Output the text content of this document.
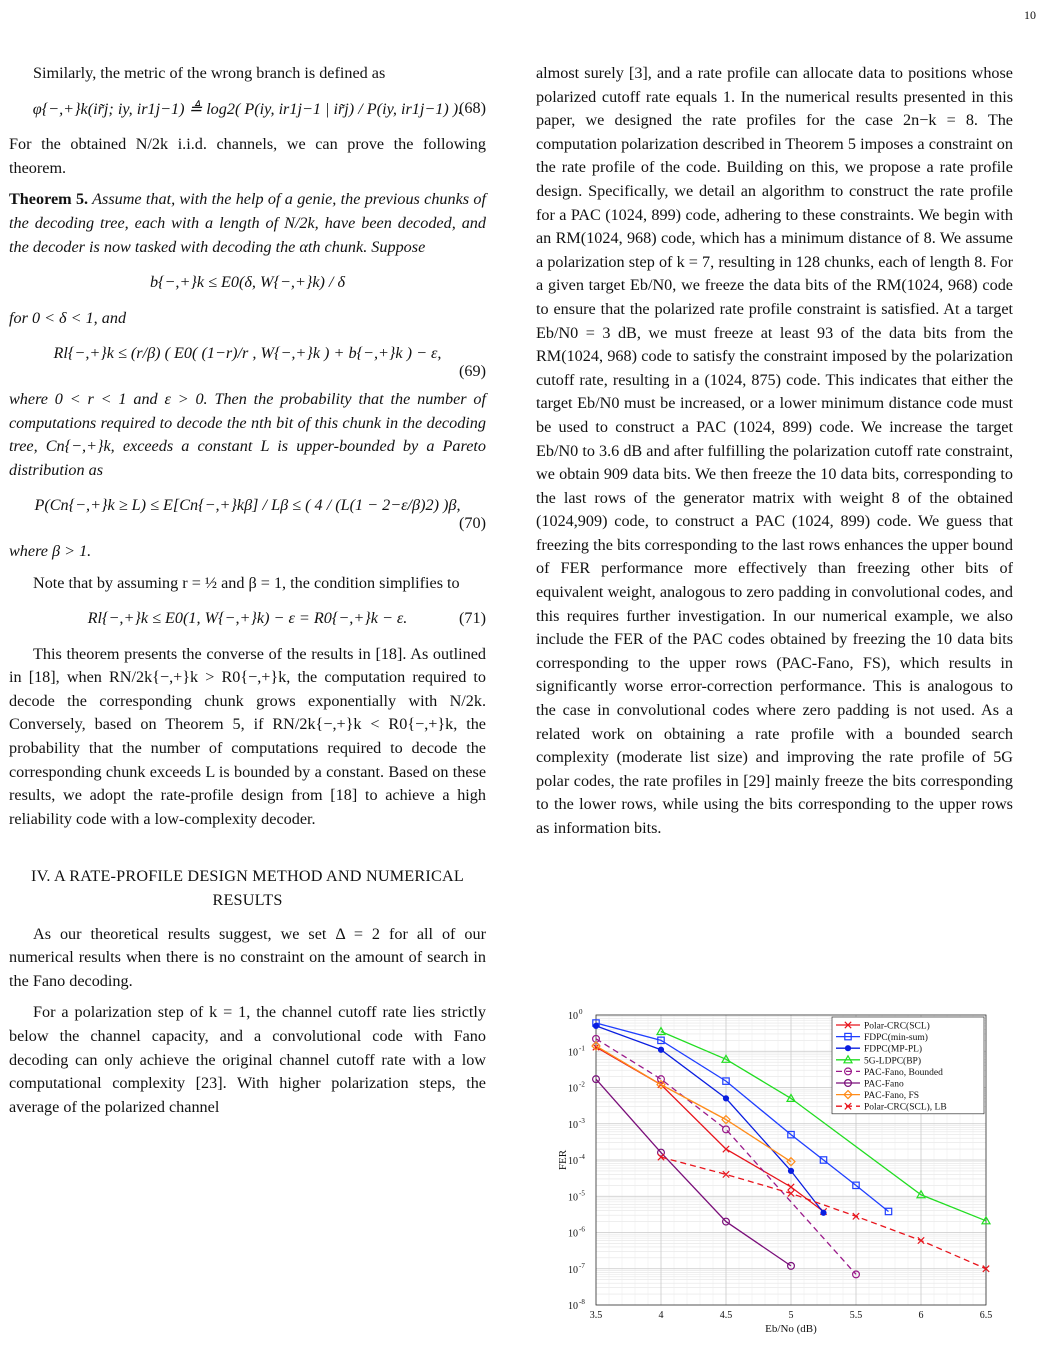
10

Similarly, the metric of the wrong branch is defined as

φ{−,+}k(ir̃j; iy, ir1j−1) ≜ log2( P(iy, ir1j−1 | ir̃j) / P(iy, ir1j−1) ).
(68)

For the obtained N/2k i.i.d. channels, we can prove the following theorem.

Theorem 5. Assume that, with the help of a genie, the previous chunks of the decoding tree, each with a length of N/2k, have been decoded, and the decoder is now tasked with decoding the αth chunk. Suppose

b{−,+}k ≤ E0(δ, W{−,+}k) / δ

for 0 < δ < 1, and

Rl{−,+}k ≤ (r/β) ( E0( (1−r)/r , W{−,+}k ) + b{−,+}k ) − ε,
(69)

where 0 < r < 1 and ε > 0. Then the probability that the number of computations required to decode the nth bit of this chunk in the decoding tree, Cn{−,+}k, exceeds a constant L is upper-bounded by a Pareto distribution as

P(Cn{−,+}k ≥ L) ≤ E[Cn{−,+}kβ] / Lβ ≤ ( 4 / (L(1 − 2−ε/β)2) )β,
(70)

where β > 1.

Note that by assuming r = ½ and β = 1, the condition simplifies to

Rl{−,+}k ≤ E0(1, W{−,+}k) − ε = R0{−,+}k − ε.	(71)

This theorem presents the converse of the results in [18]. As outlined in [18], when RN/2k{−,+}k > R0{−,+}k, the computation required to decode the corresponding chunk grows exponentially with N/2k. Conversely, based on Theorem 5, if RN/2k{−,+}k < R0{−,+}k, the probability that the number of computations required to decode the corresponding chunk exceeds L is bounded by a constant. Based on these results, we adopt the rate-profile design from [18] to achieve a high reliability code with a low-complexity decoder.

IV. A RATE-PROFILE DESIGN METHOD AND NUMERICAL RESULTS

As our theoretical results suggest, we set Δ = 2 for all of our numerical results when there is no constraint on the amount of search in the Fano decoding.

For a polarization step of k = 1, the channel cutoff rate lies strictly below the channel capacity, and a convolutional code with Fano decoding can only achieve the original channel cutoff rate with a low computational complexity [23]. With higher polarization steps, the average of the polarized channel

almost surely [3], and a rate profile can allocate data to positions whose polarized cutoff rate equals 1. In the numerical results presented in this paper, we designed the rate profiles for the case 2n−k = 8. The computation polarization described in Theorem 5 imposes a constraint on the rate profile of the code. Building on this, we propose a rate profile design. Specifically, we detail an algorithm to construct the rate profile for a PAC (1024, 899) code, adhering to these constraints. We begin with an RM(1024, 968) code, which has a minimum distance of 8. We assume a polarization step of k = 7, resulting in 128 chunks, each of length 8. For a given target Eb/N0, we freeze the data bits of the RM(1024, 968) code to ensure that the polarized rate profile constraint is satisfied. At a target Eb/N0 = 3 dB, we must freeze at least 93 of the data bits from the RM(1024, 968) code to satisfy the constraint imposed by the polarization cutoff rate, resulting in a (1024, 875) code. This indicates that either the target Eb/N0 must be increased, or a lower minimum distance code must be used to construct a PAC (1024, 899) code. We increase the target Eb/N0 to 3.6 dB and after fulfilling the polarization cutoff rate constraint, we obtain 909 data bits. We then freeze the 10 data bits, corresponding to the last rows of the generator matrix with weight 8 of the obtained (1024,909) code, to construct a PAC (1024, 899) code. We guess that freezing the bits corresponding to the last rows enhances the upper bound of FER performance more effectively than freezing other bits of equivalent weight, analogous to zero padding in convolutional codes, and this requires further investigation. In our numerical example, we also include the FER of the PAC codes obtained by freezing the 10 data bits corresponding to the upper rows (PAC-Fano, FS), which results in significantly worse error-correction performance. This is analogous to the case in convolutional codes where zero padding is not used. As a related work on obtaining a rate profile with a bounded search complexity (moderate list size) and improving the rate profile of 5G polar codes, the rate profiles in [29] mainly freeze the bits corresponding to the lower rows, while using the bits corresponding to the upper rows as information bits.

10 0
10 -1
10 -2
10 -3
10 -4
10 -5
10 -6
10 -7
10 -8
3.5	4	4.5	5	5.5	6	6.5
Eb/No (dB)
FER
Polar-CRC(SCL)
FDPC(min-sum)
FDPC(MP-PL)
5G-LDPC(BP)
PAC-Fano, Bounded
PAC-Fano
PAC-Fano, FS
Polar-CRC(SCL), LB
